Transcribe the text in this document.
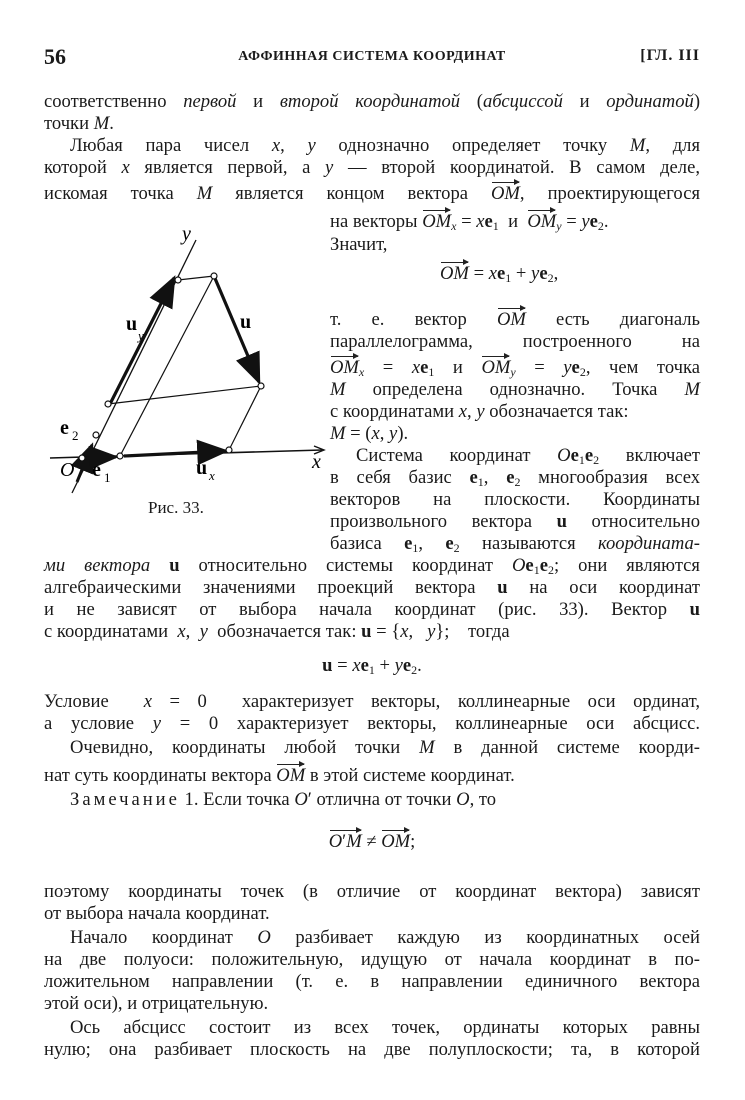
56	АФФИННАЯ СИСТЕМА КООРДИНАТ	[ГЛ. III
соответственно первой и второй координатой (абсциссой и ординатой)
точки M.
Любая пара чисел x, y однозначно определяет точку M, для
которой x является первой, а y — второй координатой. В самом деле,
искомая точка M является концом вектора OM, проектирующегося
на векторы $OM_x = xe_1$  и  $OM_y = ye_2$.
Значит,
OM = $xe_1 + ye_2$,
т. е. вектор OM есть диагональ
параллелограмма, построенного на
$OM_x = xe_1$ и $OM_y = ye_2$, чем точка
M определена однозначно. Точка M
с координатами x, y обозначается так:
M = (x, y).
Система координат $Oe_1e_2$ включает
в себя базис $e_1$, $e_2$ многообразия всех
векторов на плоскости. Координаты
произвольного вектора u относительно
базиса $e_1$, $e_2$ называются координата-
ми вектора u относительно системы координат $Oe_1e_2$; они являются
алгебраическими значениями проекций вектора u на оси координат
и не зависят от выбора начала координат (рис. 33). Вектор u
с координатами  x,  y  обозначается так: u = {x,   y};    тогда
$u = xe_1 + ye_2$.
Условие  x = 0  характеризует векторы, коллинеарные оси ординат,
а условие y = 0 характеризует векторы, коллинеарные оси абсцисс.
Очевидно, координаты любой точки M в данной системе коорди-
нат суть координаты вектора OM в этой системе координат.
Замечание 1. Если точка O′ отлична от точки O, то
O′M ≠ OM;
поэтому координаты точек (в отличие от координат вектора) зависят
от выбора начала координат.
Начало координат O разбивает каждую из координатных осей
на две полуоси: положительную, идущую от начала координат в по-
ложительном направлении (т. е. в направлении единичного вектора
этой оси), и отрицательную.
Ось абсцисс состоит из всех точек, ординаты которых равны
нулю; она разбивает плоскость на две полуплоскости; та, в которой
y
x
u
y
u
u x
e 2
e 1
O
Рис. 33.
